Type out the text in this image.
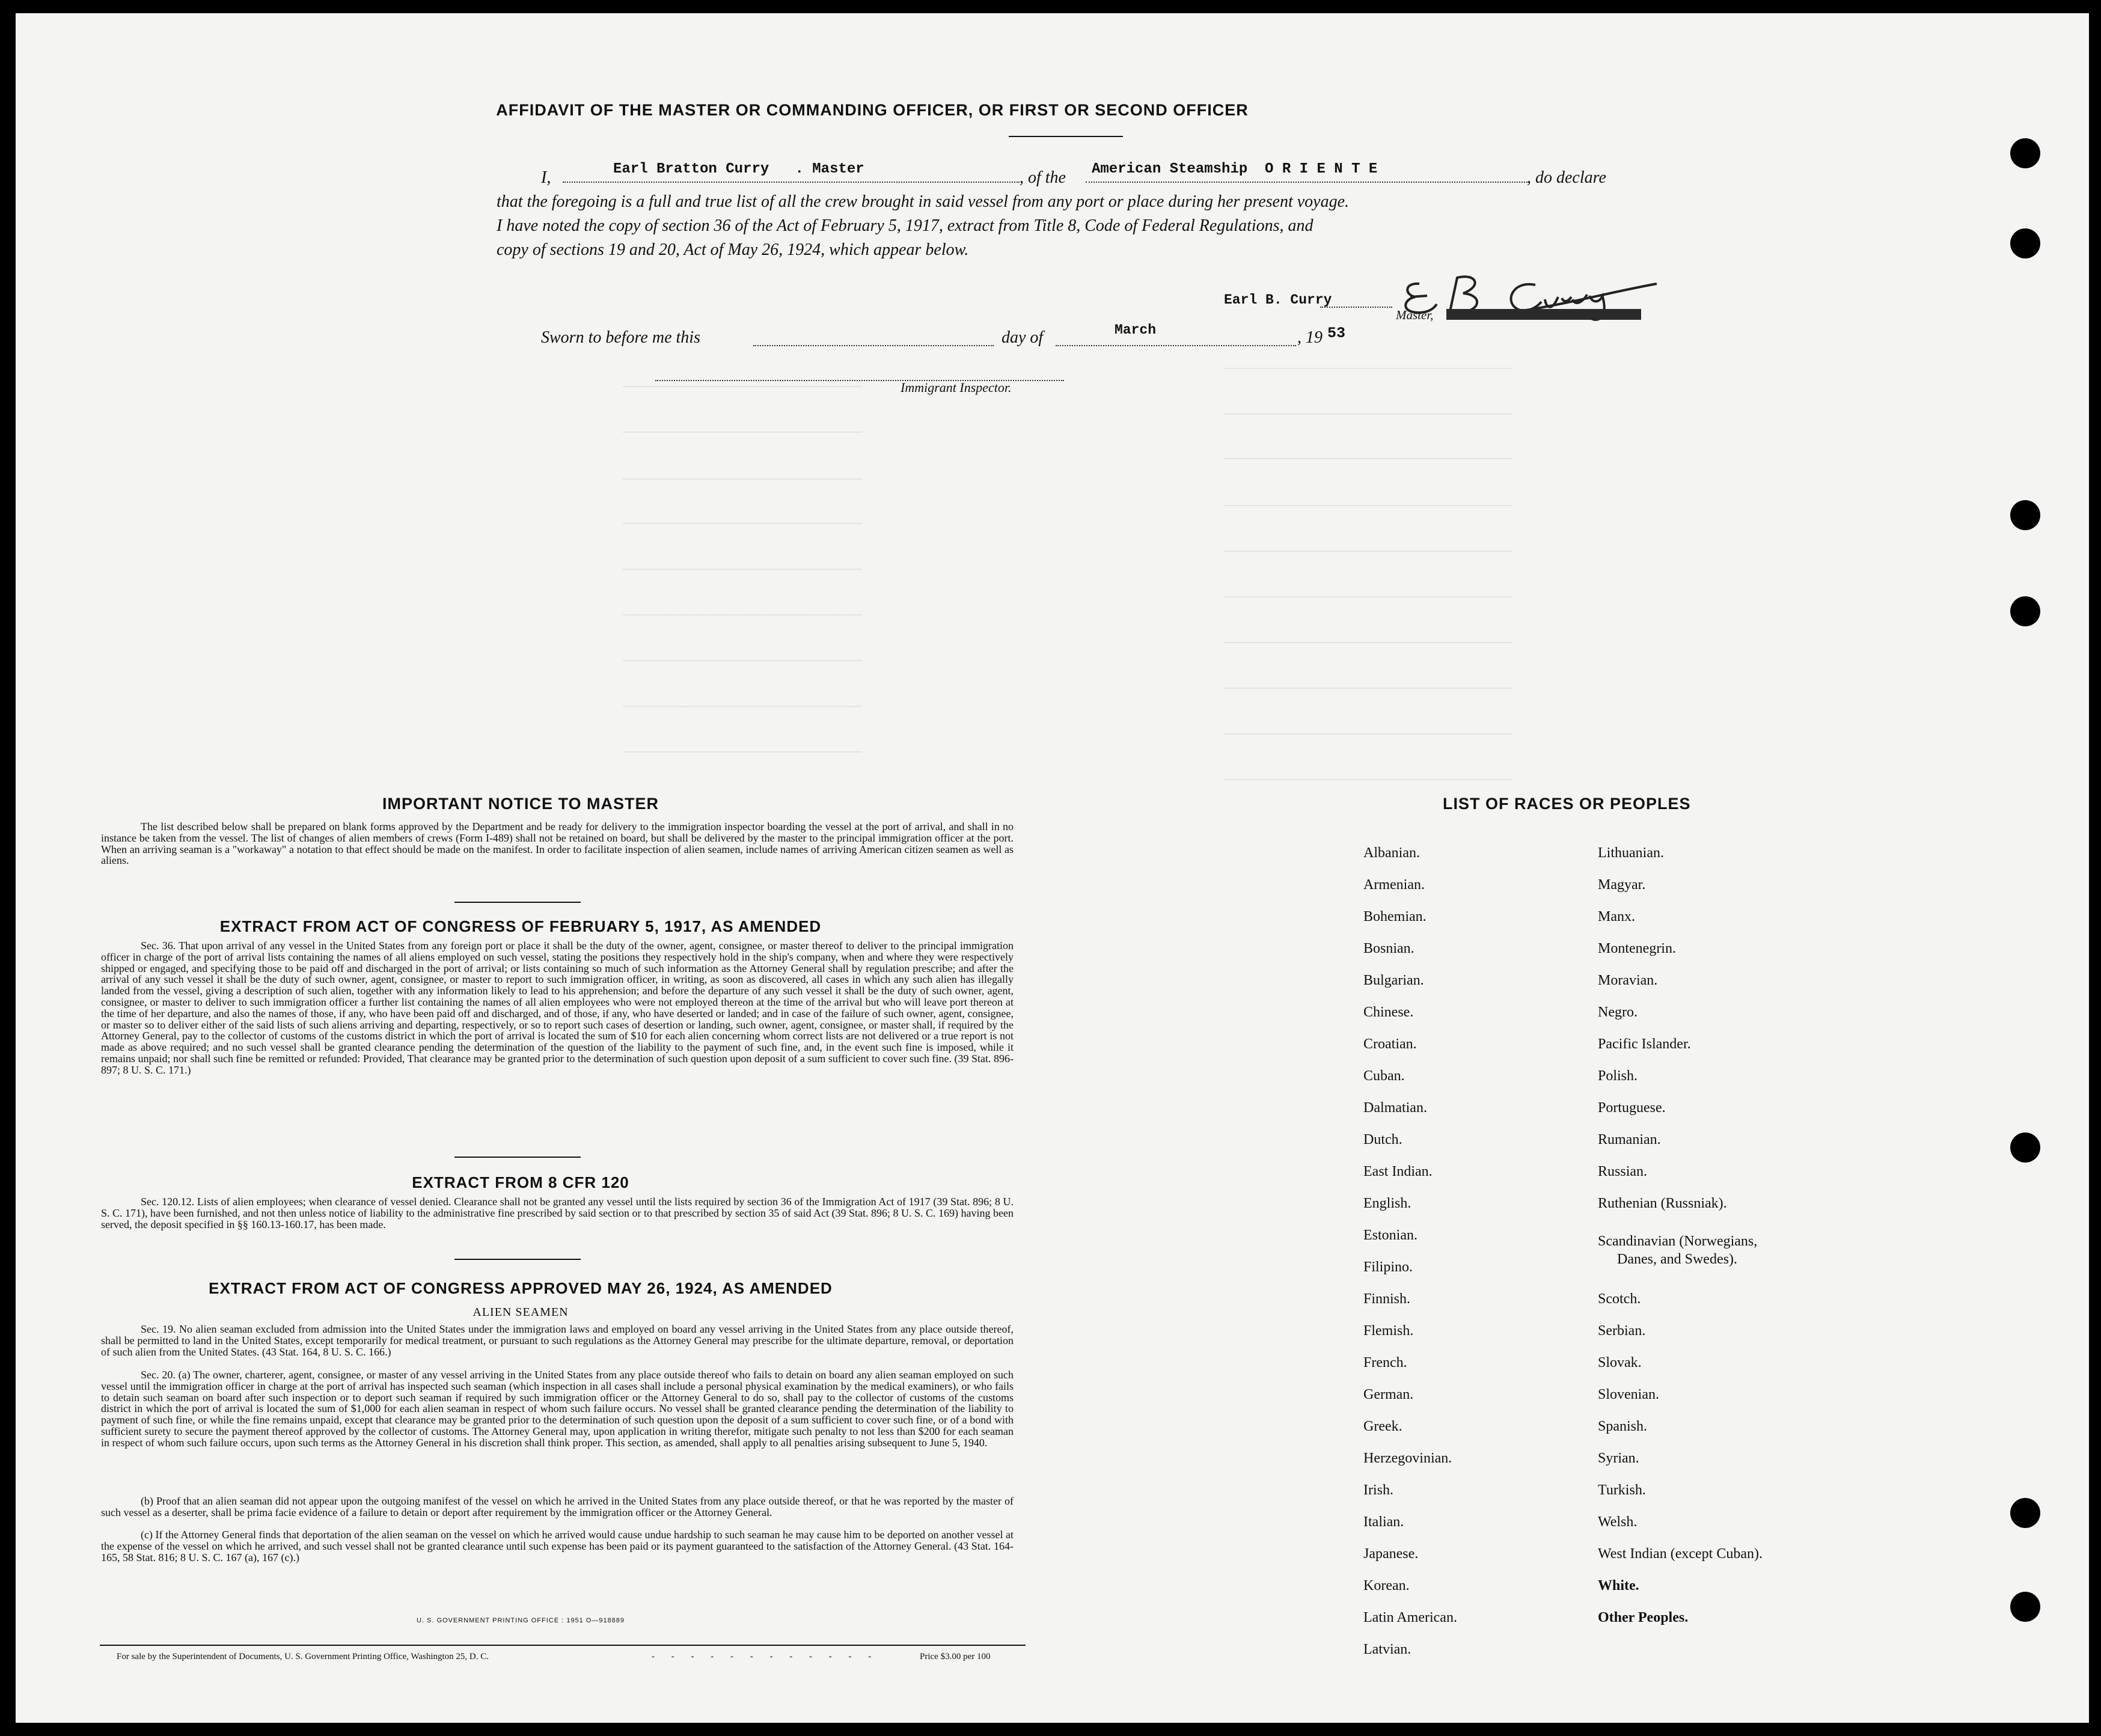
———————————————————————————————————————————————
———————————————————————————————————————————————
———————————————————————————————————————————————
———————————————————————————————————————————————
———————————————————————————————————————————————
———————————————————————————————————————————————
———————————————————————————————————————————————
———————————————————————————————————————————————
———————————————————————————————————————————————
———————————————————————————————————————————————
———————————————————————————————————————
———————————————————————————————————————
———————————————————————————————————————
———————————————————————————————————————
———————————————————————————————————————
———————————————————————————————————————
———————————————————————————————————————
———————————————————————————————————————
———————————————————————————————————————
AFFIDAVIT OF THE MASTER OR COMMANDING OFFICER, OR FIRST OR SECOND OFFICER
I,	Earl Bratton Curry   . Master	, of the American Steamship  O R I E N T E	, do declare
that the foregoing is a full and true list of all the crew brought in said vessel from any port or place during her present voyage.
I have noted the copy of section 36 of the Act of February 5, 1917, extract from Title 8, Code of Federal Regulations, and
copy of sections 19 and 20, Act of May 26, 1924, which appear below.
Earl B. Curry
Master,
Sworn to before me this	day of	March	, 19 53
Immigrant Inspector.
IMPORTANT NOTICE TO MASTER
The list described below shall be prepared on blank forms approved by the Department and be ready for delivery to the immigration inspector boarding the vessel at the port of arrival, and shall in no instance be taken from the vessel. The list of changes of alien members of crews (Form I-489) shall not be retained on board, but shall be delivered by the master to the principal immigration officer at the port. When an arriving seaman is a "workaway" a notation to that effect should be made on the manifest. In order to facilitate inspection of alien seamen, include names of arriving American citizen seamen as well as aliens.
EXTRACT FROM ACT OF CONGRESS OF FEBRUARY 5, 1917, AS AMENDED
Sec. 36. That upon arrival of any vessel in the United States from any foreign port or place it shall be the duty of the owner, agent, consignee, or master thereof to deliver to the principal immigration officer in charge of the port of arrival lists containing the names of all aliens employed on such vessel, stating the positions they respectively hold in the ship's company, when and where they were respectively shipped or engaged, and specifying those to be paid off and discharged in the port of arrival; or lists containing so much of such information as the Attorney General shall by regulation prescribe; and after the arrival of any such vessel it shall be the duty of such owner, agent, consignee, or master to report to such immigration officer, in writing, as soon as discovered, all cases in which any such alien has illegally landed from the vessel, giving a description of such alien, together with any information likely to lead to his apprehension; and before the departure of any such vessel it shall be the duty of such owner, agent, consignee, or master to deliver to such immigration officer a further list containing the names of all alien employees who were not employed thereon at the time of the arrival but who will leave port thereon at the time of her departure, and also the names of those, if any, who have been paid off and discharged, and of those, if any, who have deserted or landed; and in case of the failure of such owner, agent, consignee, or master so to deliver either of the said lists of such aliens arriving and departing, respectively, or so to report such cases of desertion or landing, such owner, agent, consignee, or master shall, if required by the Attorney General, pay to the collector of customs of the customs district in which the port of arrival is located the sum of $10 for each alien concerning whom correct lists are not delivered or a true report is not made as above required; and no such vessel shall be granted clearance pending the determination of the question of the liability to the payment of such fine, and, in the event such fine is imposed, while it remains unpaid; nor shall such fine be remitted or refunded: Provided, That clearance may be granted prior to the determination of such question upon deposit of a sum sufficient to cover such fine. (39 Stat. 896-897; 8 U. S. C. 171.)
EXTRACT FROM 8 CFR 120
Sec. 120.12. Lists of alien employees; when clearance of vessel denied. Clearance shall not be granted any vessel until the lists required by section 36 of the Immigration Act of 1917 (39 Stat. 896; 8 U. S. C. 171), have been furnished, and not then unless notice of liability to the administrative fine prescribed by said section or to that prescribed by section 35 of said Act (39 Stat. 896; 8 U. S. C. 169) having been served, the deposit specified in §§ 160.13-160.17, has been made.
EXTRACT FROM ACT OF CONGRESS APPROVED MAY 26, 1924, AS AMENDED
ALIEN SEAMEN
Sec. 19. No alien seaman excluded from admission into the United States under the immigration laws and employed on board any vessel arriving in the United States from any place outside thereof, shall be permitted to land in the United States, except temporarily for medical treatment, or pursuant to such regulations as the Attorney General may prescribe for the ultimate departure, removal, or deportation of such alien from the United States. (43 Stat. 164, 8 U. S. C. 166.)
Sec. 20. (a) The owner, charterer, agent, consignee, or master of any vessel arriving in the United States from any place outside thereof who fails to detain on board any alien seaman employed on such vessel until the immigration officer in charge at the port of arrival has inspected such seaman (which inspection in all cases shall include a personal physical examination by the medical examiners), or who fails to detain such seaman on board after such inspection or to deport such seaman if required by such immigration officer or the Attorney General to do so, shall pay to the collector of customs of the customs district in which the port of arrival is located the sum of $1,000 for each alien seaman in respect of whom such failure occurs. No vessel shall be granted clearance pending the determination of the liability to payment of such fine, or while the fine remains unpaid, except that clearance may be granted prior to the determination of such question upon the deposit of a sum sufficient to cover such fine, or of a bond with sufficient surety to secure the payment thereof approved by the collector of customs. The Attorney General may, upon application in writing therefor, mitigate such penalty to not less than $200 for each seaman in respect of whom such failure occurs, upon such terms as the Attorney General in his discretion shall think proper. This section, as amended, shall apply to all penalties arising subsequent to June 5, 1940.
(b) Proof that an alien seaman did not appear upon the outgoing manifest of the vessel on which he arrived in the United States from any place outside thereof, or that he was reported by the master of such vessel as a deserter, shall be prima facie evidence of a failure to detain or deport after requirement by the immigration officer or the Attorney General.
(c) If the Attorney General finds that deportation of the alien seaman on the vessel on which he arrived would cause undue hardship to such seaman he may cause him to be deported on another vessel at the expense of the vessel on which he arrived, and such vessel shall not be granted clearance until such expense has been paid or its payment guaranteed to the satisfaction of the Attorney General. (43 Stat. 164-165, 58 Stat. 816; 8 U. S. C. 167 (a), 167 (c).)
U. S. GOVERNMENT PRINTING OFFICE : 1951 O—918889
For sale by the Superintendent of Documents, U. S. Government Printing Office, Washington 25, D. C.	- - - - - - - - - - - -	Price $3.00 per 100
LIST OF RACES OR PEOPLES
Albanian.
Armenian.
Bohemian.
Bosnian.
Bulgarian.
Chinese.
Croatian.
Cuban.
Dalmatian.
Dutch.
East Indian.
English.
Estonian.
Filipino.
Finnish.
Flemish.
French.
German.
Greek.
Herzegovinian.
Irish.
Italian.
Japanese.
Korean.
Latin American.
Latvian.
Lithuanian.
Magyar.
Manx.
Montenegrin.
Moravian.
Negro.
Pacific Islander.
Polish.
Portuguese.
Rumanian.
Russian.
Ruthenian (Russniak).
Scandinavian (Norwegians,
Danes, and Swedes).
Scotch.
Serbian.
Slovak.
Slovenian.
Spanish.
Syrian.
Turkish.
Welsh.
West Indian (except Cuban).
White.
Other Peoples.
